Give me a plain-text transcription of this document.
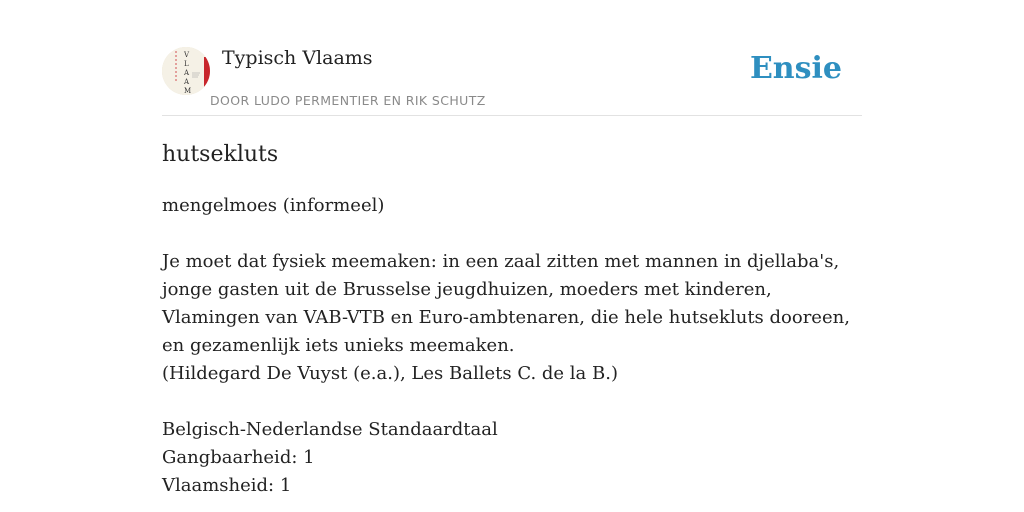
V
L
A
A
M
Typisch Vlaams
DOOR LUDO PERMENTIER EN RIK SCHUTZ
Ensie
hutsekluts

mengelmoes (informeel)

Je moet dat fysiek meemaken: in een zaal zitten met mannen in djellaba's, jonge gasten uit de Brusselse jeugdhuizen, moeders met kinderen, Vlamingen van VAB-VTB en Euro-ambtenaren, die hele hutsekluts dooreen, en gezamenlijk iets unieks meemaken.

(Hildegard De Vuyst (e.a.), Les Ballets C. de la B.)

Belgisch-Nederlandse Standaardtaal

Gangbaarheid: 1

Vlaamsheid: 1
